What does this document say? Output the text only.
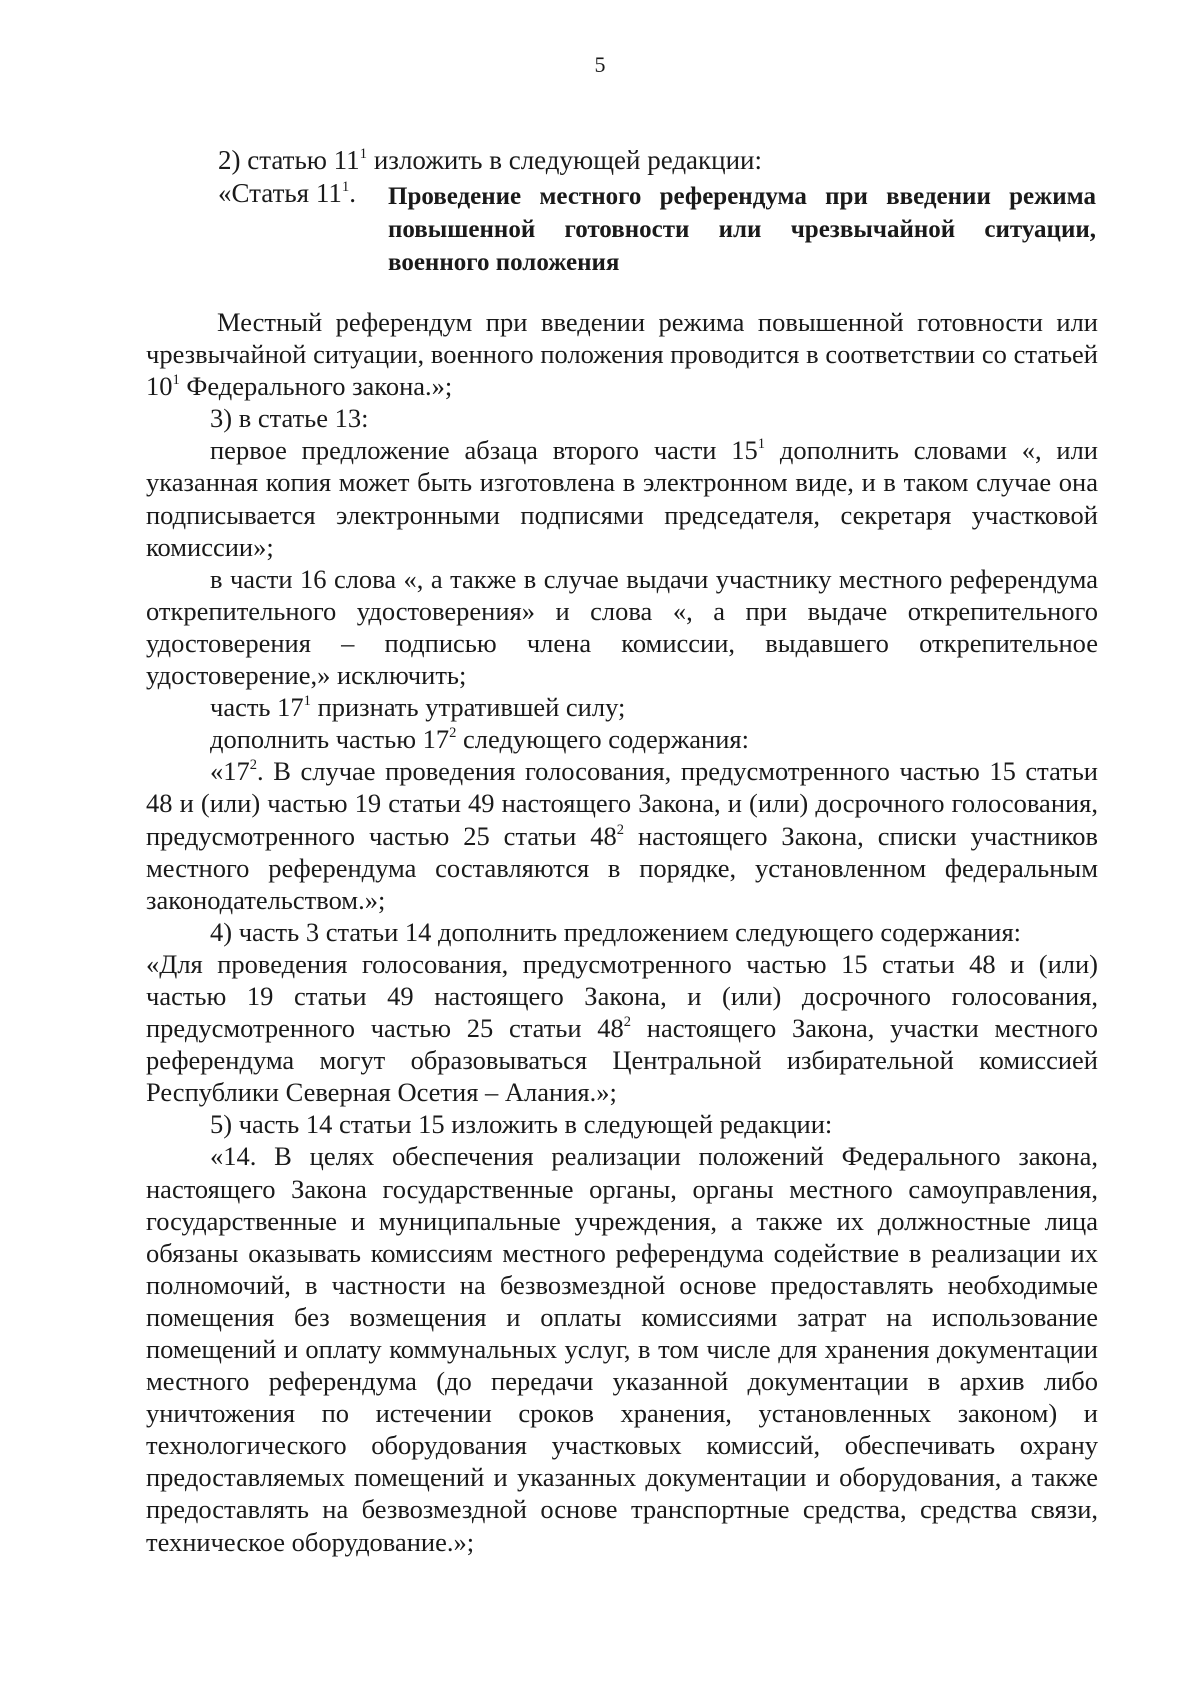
5
2) статью $11^1$ изложить в следующей редакции:
«Статья $11^1$. Проведение местного референдума при введении режима повышенной готовности или чрезвычайной ситуации, военного положения

Местный референдум при введении режима повышенной готовности или чрезвычайной ситуации, военного положения проводится в соответствии со статьей $10^1$ Федерального закона.»;

3) в статье 13:

первое предложение абзаца второго части $15^1$ дополнить словами «, или указанная копия может быть изготовлена в электронном виде, и в таком случае она подписывается электронными подписями председателя, секретаря участковой комиссии»;

в части 16 слова «, а также в случае выдачи участнику местного референдума открепительного удостоверения» и слова «, а при выдаче открепительного удостоверения – подписью члена комиссии, выдавшего открепительное удостоверение,» исключить;

часть $17^1$ признать утратившей силу;

дополнить частью $17^2$ следующего содержания:

«$17^2$. В случае проведения голосования, предусмотренного частью 15 статьи 48 и (или) частью 19 статьи 49 настоящего Закона, и (или) досрочного голосования, предусмотренного частью 25 статьи $48^2$ настоящего Закона, списки участников местного референдума составляются в порядке, установленном федеральным законодательством.»;

4) часть 3 статьи 14 дополнить предложением следующего содержания:

«Для проведения голосования, предусмотренного частью 15 статьи 48 и (или) частью 19 статьи 49 настоящего Закона, и (или) досрочного голосования, предусмотренного частью 25 статьи $48^2$ настоящего Закона, участки местного референдума могут образовываться Центральной избирательной комиссией Республики Северная Осетия – Алания.»;

5) часть 14 статьи 15 изложить в следующей редакции:

«14. В целях обеспечения реализации положений Федерального закона, настоящего Закона государственные органы, органы местного самоуправления, государственные и муниципальные учреждения, а также их должностные лица обязаны оказывать комиссиям местного референдума содействие в реализации их полномочий, в частности на безвозмездной основе предоставлять необходимые помещения без возмещения и оплаты комиссиями затрат на использование помещений и оплату коммунальных услуг, в том числе для хранения документации местного референдума (до передачи указанной документации в архив либо уничтожения по истечении сроков хранения, установленных законом) и технологического оборудования участковых комиссий, обеспечивать охрану предоставляемых помещений и указанных документации и оборудования, а также предоставлять на безвозмездной основе транспортные средства, средства связи, техническое оборудование.»;
